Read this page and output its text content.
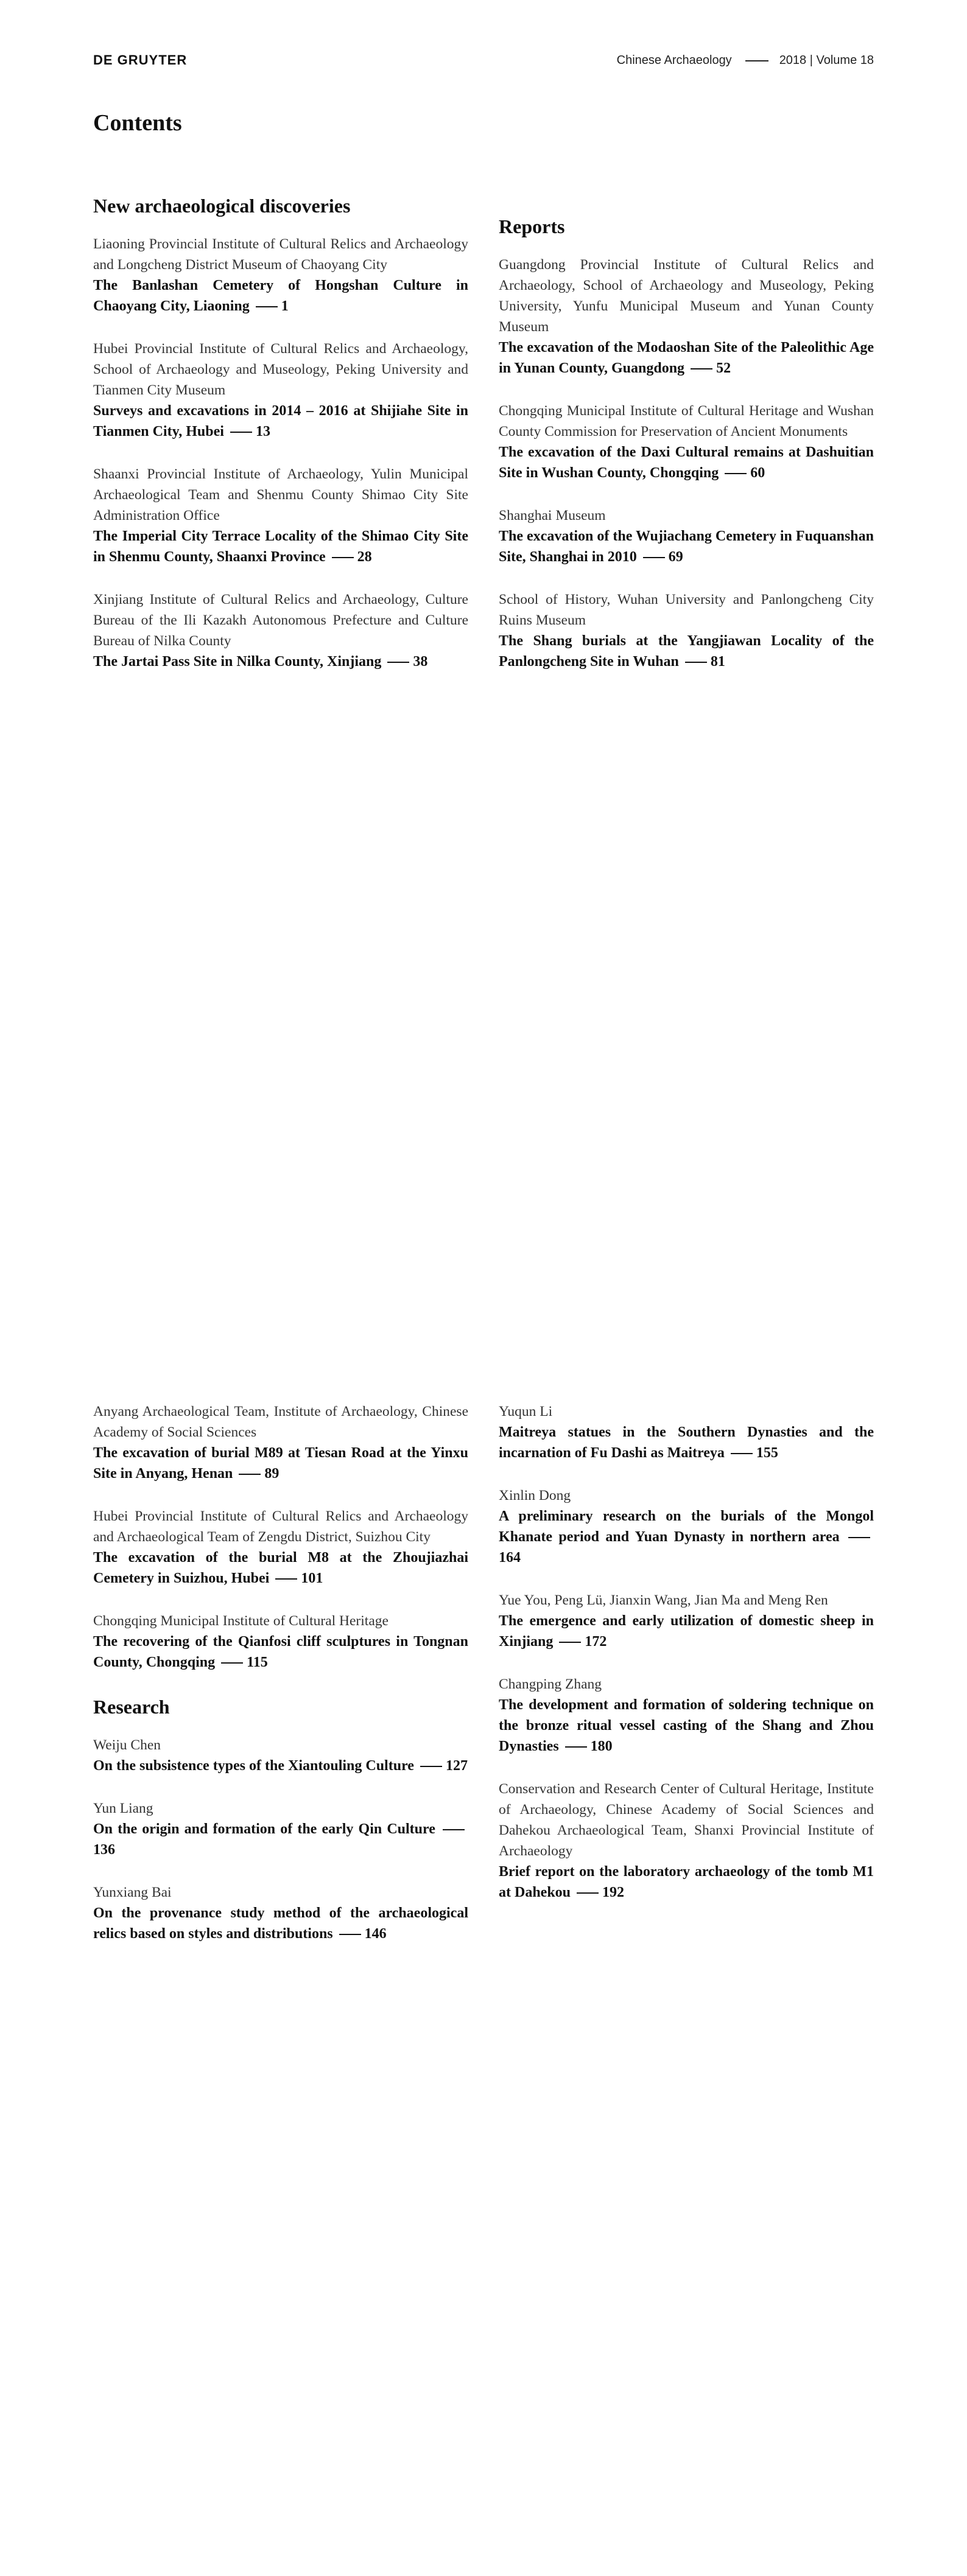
DE GRUYTER	Chinese Archaeology	2018 | Volume 18
Contents
New archaeological discoveries
Liaoning Provincial Institute of Cultural Relics and Archaeology and Longcheng District Museum of Chaoyang City
The Banlashan Cemetery of Hongshan Culture in Chaoyang City, Liaoning 1
Hubei Provincial Institute of Cultural Relics and Archaeology, School of Archaeology and Museology, Peking University and Tianmen City Museum
Surveys and excavations in 2014 – 2016 at Shijiahe Site in Tianmen City, Hubei 13
Shaanxi Provincial Institute of Archaeology, Yulin Municipal Archaeological Team and Shenmu County Shimao City Site Administration Office
The Imperial City Terrace Locality of the Shimao City Site in Shenmu County, Shaanxi Province 28
Xinjiang Institute of Cultural Relics and Archaeology, Culture Bureau of the Ili Kazakh Autonomous Prefecture and Culture Bureau of Nilka County
The Jartai Pass Site in Nilka County, Xinjiang 38
Reports
Guangdong Provincial Institute of Cultural Relics and Archaeology, School of Archaeology and Museology, Peking University, Yunfu Municipal Museum and Yunan County Museum
The excavation of the Modaoshan Site of the Paleolithic Age in Yunan County, Guangdong 52
Chongqing Municipal Institute of Cultural Heritage and Wushan County Commission for Preservation of Ancient Monuments
The excavation of the Daxi Cultural remains at Dashuitian Site in Wushan County, Chongqing 60
Shanghai Museum
The excavation of the Wujiachang Cemetery in Fuquanshan Site, Shanghai in 2010 69
School of History, Wuhan University and Panlongcheng City Ruins Museum
The Shang burials at the Yangjiawan Locality of the Panlongcheng Site in Wuhan 81
Anyang Archaeological Team, Institute of Archaeology, Chinese Academy of Social Sciences
The excavation of burial M89 at Tiesan Road at the Yinxu Site in Anyang, Henan 89
Hubei Provincial Institute of Cultural Relics and Archaeology and Archaeological Team of Zengdu District, Suizhou City
The excavation of the burial M8 at the Zhoujiazhai Cemetery in Suizhou, Hubei 101
Chongqing Municipal Institute of Cultural Heritage
The recovering of the Qianfosi cliff sculptures in Tongnan County, Chongqing 115
Research
Weiju Chen
On the subsistence types of the Xiantouling Culture 127
Yun Liang
On the origin and formation of the early Qin Culture 136
Yunxiang Bai
On the provenance study method of the archaeological relics based on styles and distributions 146
Yuqun Li
Maitreya statues in the Southern Dynasties and the incarnation of Fu Dashi as Maitreya 155
Xinlin Dong
A preliminary research on the burials of the Mongol Khanate period and Yuan Dynasty in northern area 164
Yue You, Peng Lü, Jianxin Wang, Jian Ma and Meng Ren
The emergence and early utilization of domestic sheep in Xinjiang 172
Changping Zhang
The development and formation of soldering technique on the bronze ritual vessel casting of the Shang and Zhou Dynasties 180
Conservation and Research Center of Cultural Heritage, Institute of Archaeology, Chinese Academy of Social Sciences and Dahekou Archaeological Team, Shanxi Provincial Institute of Archaeology
Brief report on the laboratory archaeology of the tomb M1 at Dahekou 192
